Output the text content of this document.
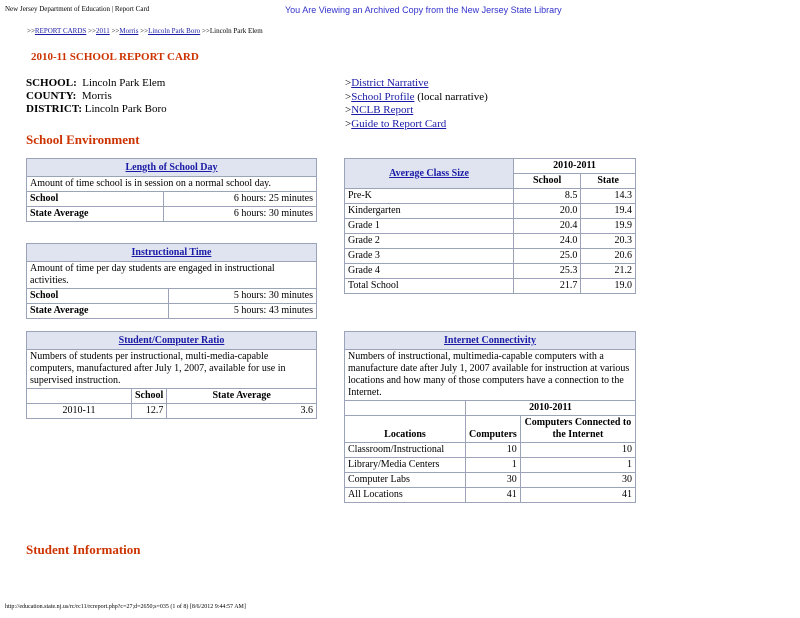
New Jersey Department of Education | Report Card	You Are Viewing an Archived Copy from the New Jersey State Library
>>REPORT CARDS >>2011 >>Morris >>Lincoln Park Boro >>Lincoln Park Elem
2010-11 SCHOOL REPORT CARD
SCHOOL: Lincoln Park Elem
COUNTY: Morris
DISTRICT: Lincoln Park Boro
>District Narrative
>School Profile (local narrative)
>NCLB Report
>Guide to Report Card
School Environment
Length of School Day	
Amount of time school is in session on a normal school day.	
School	6 hours: 25 minutes
State Average	6 hours: 30 minutes
Instructional Time	
Amount of time per day students are engaged in instructional activities.	
School	5 hours: 30 minutes
State Average	5 hours: 43 minutes
Student/Computer Ratio		
Numbers of students per instructional, multi-media-capable computers, manufactured after July 1, 2007, available for use in supervised instruction.		
	School	State Average
2010-11	12.7	3.6
Average Class Size	2010-2011	
	School	State
Pre-K	8.5	14.3
Kindergarten	20.0	19.4
Grade 1	20.4	19.9
Grade 2	24.0	20.3
Grade 3	25.0	20.6
Grade 4	25.3	21.2
Total School	21.7	19.0
Internet Connectivity		
Numbers of instructional, multimedia-capable computers with a manufacture date after July 1, 2007 available for instruction at various locations and how many of those computers have a connection to the Internet.		
	2010-2011	
Locations	Computers	Computers Connected to the Internet
Classroom/Instructional	10	10
Library/Media Centers	1	1
Computer Labs	30	30
All Locations	41	41
Student Information
http://education.state.nj.us/rc/rc11/rcreport.php?c=27;d=2650;s=035 (1 of 8) [8/6/2012 9:44:57 AM]
